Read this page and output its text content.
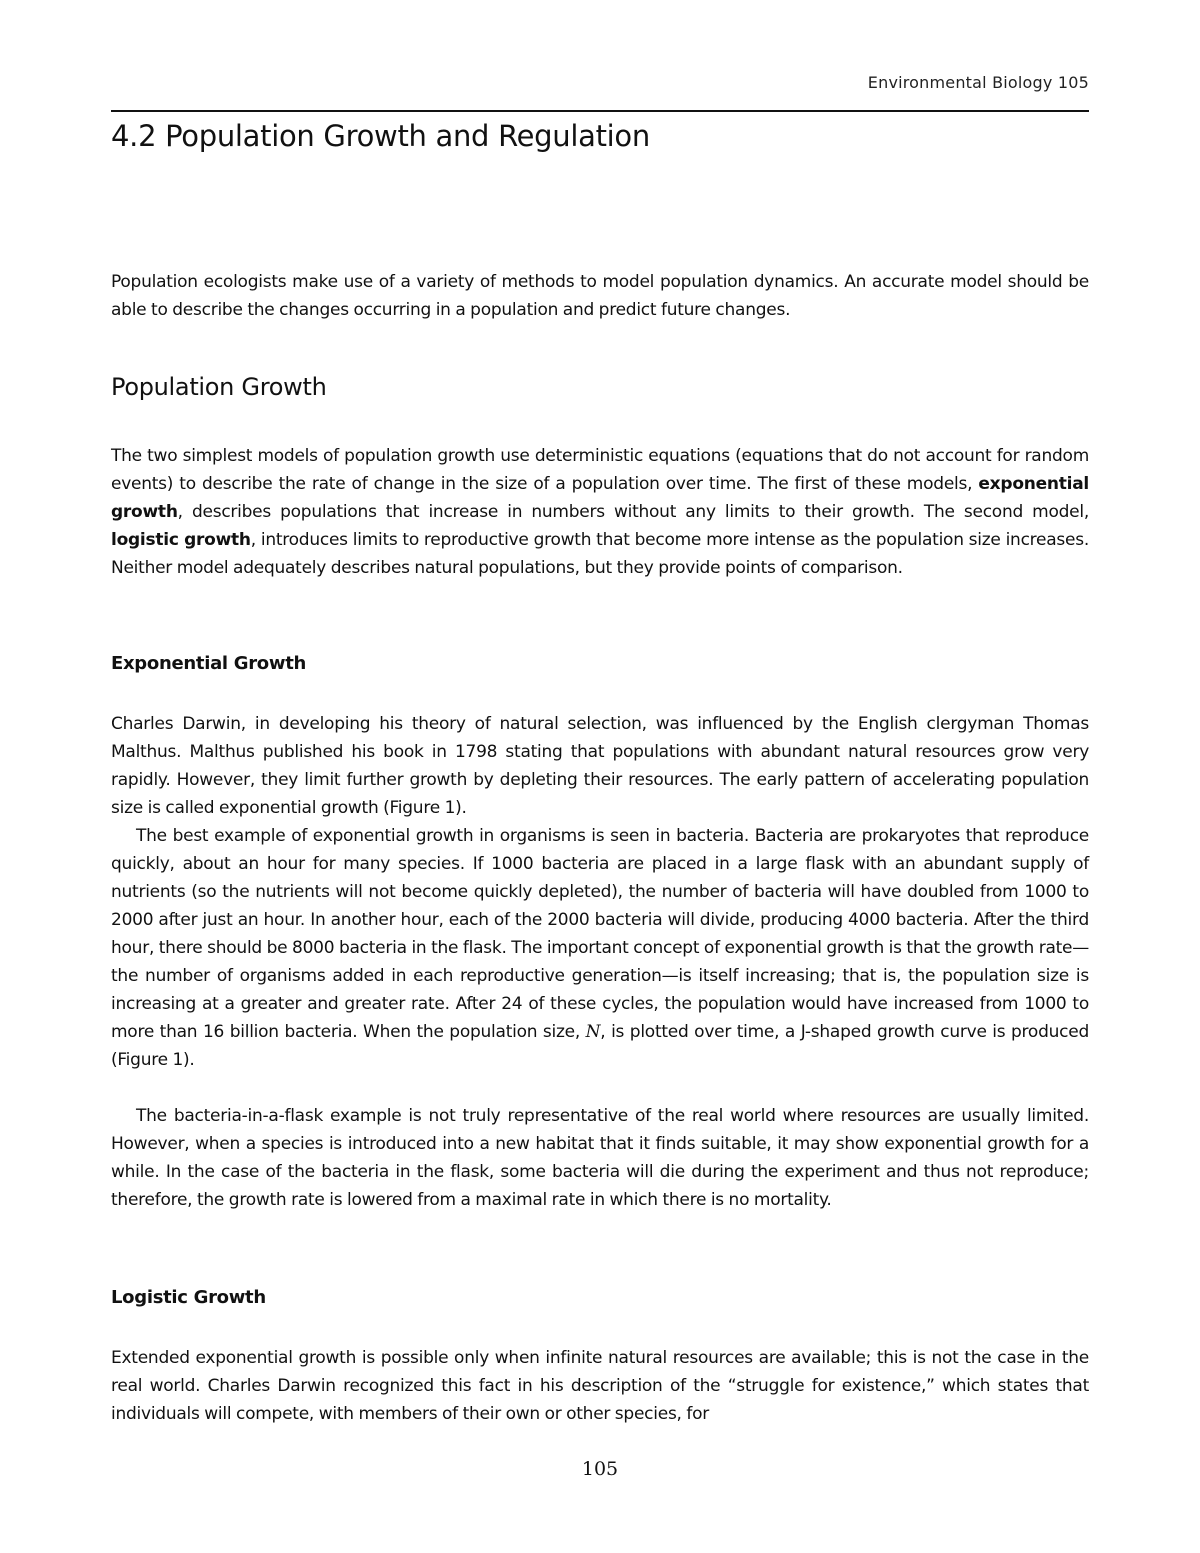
Environmental Biology 105
4.2 Population Growth and Regulation

Population ecologists make use of a variety of methods to model population dynamics. An accurate model should be able to describe the changes occurring in a population and predict future changes.

Population Growth

The two simplest models of population growth use deterministic equations (equations that do not account for random events) to describe the rate of change in the size of a population over time. The first of these models, exponential growth, describes populations that increase in numbers without any limits to their growth. The second model, logistic growth, introduces limits to reproductive growth that become more intense as the population size increases. Neither model adequately describes natural populations, but they provide points of comparison.

Exponential Growth

Charles Darwin, in developing his theory of natural selection, was influenced by the English clergyman Thomas Malthus. Malthus published his book in 1798 stating that populations with abundant natural resources grow very rapidly. However, they limit further growth by depleting their resources. The early pattern of accelerating population size is called exponential growth (Figure 1).

The best example of exponential growth in organisms is seen in bacteria. Bacteria are prokaryotes that reproduce quickly, about an hour for many species. If 1000 bacteria are placed in a large flask with an abundant supply of nutrients (so the nutrients will not become quickly depleted), the number of bacteria will have doubled from 1000 to 2000 after just an hour. In another hour, each of the 2000 bacteria will divide, producing 4000 bacteria. After the third hour, there should be 8000 bacteria in the flask. The important concept of exponential growth is that the growth rate—the number of organisms added in each reproductive generation—is itself increasing; that is, the population size is increasing at a greater and greater rate. After 24 of these cycles, the population would have increased from 1000 to more than 16 billion bacteria. When the population size, N, is plotted over time, a J-shaped growth curve is produced (Figure 1).

The bacteria-in-a-flask example is not truly representative of the real world where resources are usually limited. However, when a species is introduced into a new habitat that it finds suitable, it may show exponential growth for a while. In the case of the bacteria in the flask, some bacteria will die during the experiment and thus not reproduce; therefore, the growth rate is lowered from a maximal rate in which there is no mortality.

Logistic Growth

Extended exponential growth is possible only when infinite natural resources are available; this is not the case in the real world. Charles Darwin recognized this fact in his description of the “struggle for existence,” which states that individuals will compete, with members of their own or other species, for

105
